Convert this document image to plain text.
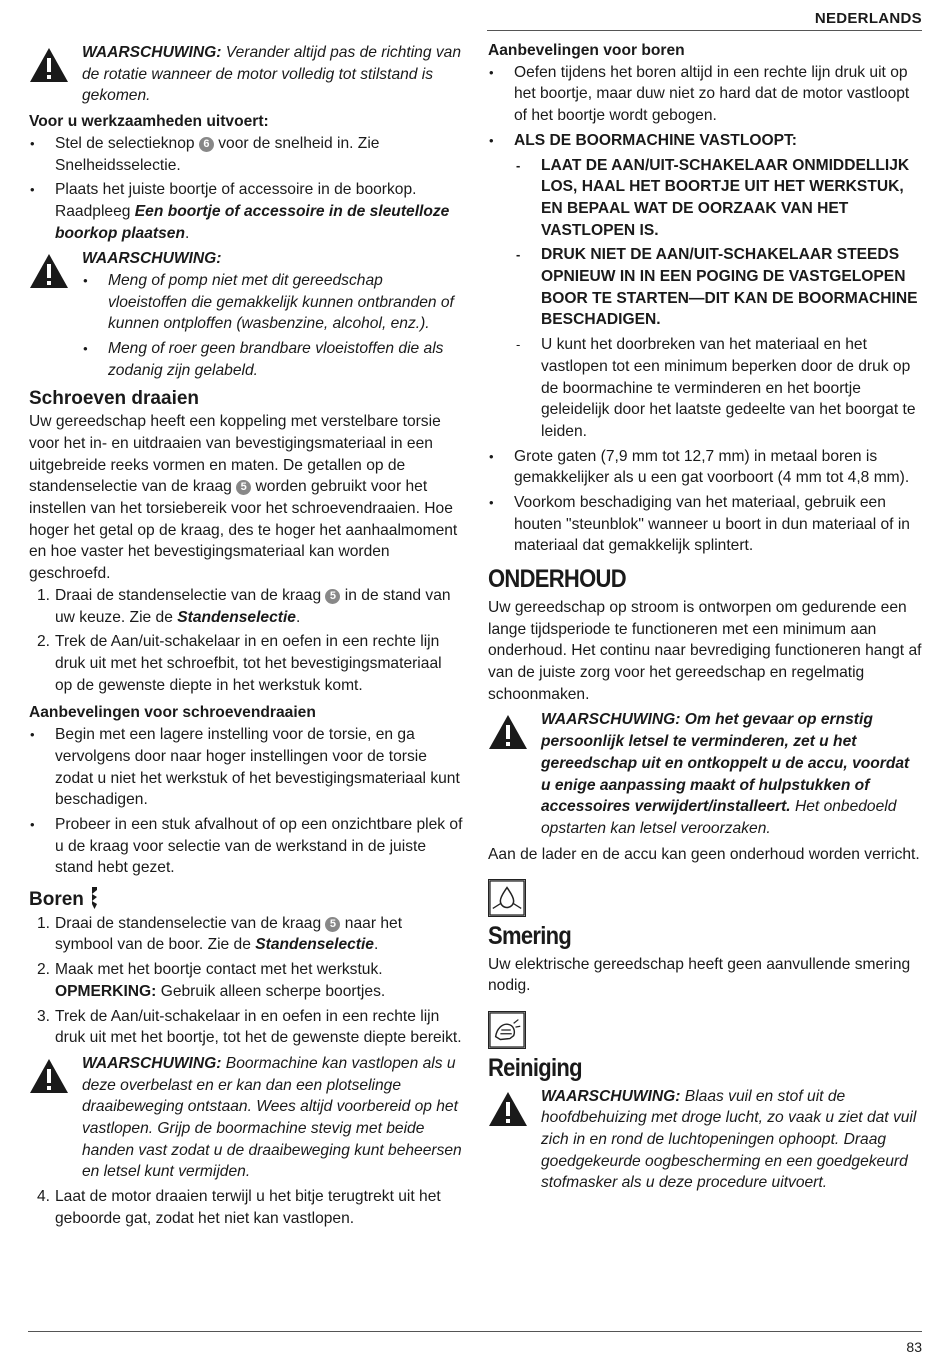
NEDERLANDS

WAARSCHUWING: Verander altijd pas de richting van de rotatie wanneer de motor volledig tot stilstand is gekomen.

Voor u werkzaamheden uitvoert:

• Stel de selectieknop 6 voor de snelheid in. Zie Snelheidsselectie.
• Plaats het juiste boortje of accessoire in de boorkop. Raadpleeg Een boortje of accessoire in de sleutelloze boorkop plaatsen.

WAARSCHUWING:

• Meng of pomp niet met dit gereedschap vloeistoffen die gemakkelijk kunnen ontbranden of kunnen ontploffen (wasbenzine, alcohol, enz.).
• Meng of roer geen brandbare vloeistoffen die als zodanig zijn gelabeld.

Schroeven draaien

Uw gereedschap heeft een koppeling met verstelbare torsie voor het in- en uitdraaien van bevestigingsmateriaal in een uitgebreide reeks vormen en maten. De getallen op de standenselectie van de kraag 5 worden gebruikt voor het instellen van het torsiebereik voor het schroevendraaien. Hoe hoger het getal op de kraag, des te hoger het aanhaalmoment en hoe vaster het bevestigingsmateriaal kan worden geschroefd.

1. Draai de standenselectie van de kraag 5 in de stand van uw keuze. Zie de Standenselectie.
2. Trek de Aan/uit-schakelaar in en oefen in een rechte lijn druk uit met het schroefbit, tot het bevestigingsmateriaal op de gewenste diepte in het werkstuk komt.

Aanbevelingen voor schroevendraaien

• Begin met een lagere instelling voor de torsie, en ga vervolgens door naar hoger instellingen voor de torsie zodat u niet het werkstuk of het bevestigingsmateriaal kunt beschadigen.
• Probeer in een stuk afvalhout of op een onzichtbare plek of u de kraag voor selectie van de werkstand in de juiste stand hebt gezet.

Boren

1. Draai de standenselectie van de kraag 5 naar het symbool van de boor. Zie de Standenselectie.
2. Maak met het boortje contact met het werkstuk.
OPMERKING: Gebruik alleen scherpe boortjes.
3. Trek de Aan/uit-schakelaar in en oefen in een rechte lijn druk uit met het boortje, tot het de gewenste diepte bereikt.

WAARSCHUWING: Boormachine kan vastlopen als u deze overbelast en er kan dan een plotselinge draaibeweging ontstaan. Wees altijd voorbereid op het vastlopen. Grijp de boormachine stevig met beide handen vast zodat u de draaibeweging kunt beheersen en letsel kunt vermijden.

4. Laat de motor draaien terwijl u het bitje terugtrekt uit het geboorde gat, zodat het niet kan vastlopen.

Aanbevelingen voor boren

• Oefen tijdens het boren altijd in een rechte lijn druk uit op het boortje, maar duw niet zo hard dat de motor vastloopt of het boortje wordt gebogen.
• ALS DE BOORMACHINE VASTLOOPT:
- LAAT DE AAN/UIT-SCHAKELAAR ONMIDDELLIJK LOS, HAAL HET BOORTJE UIT HET WERKSTUK, EN BEPAAL WAT DE OORZAAK VAN HET VASTLOPEN IS.
- DRUK NIET DE AAN/UIT-SCHAKELAAR STEEDS OPNIEUW IN IN EEN POGING DE VASTGELOPEN BOOR TE STARTEN—DIT KAN DE BOORMACHINE BESCHADIGEN.
- U kunt het doorbreken van het materiaal en het vastlopen tot een minimum beperken door de druk op de boormachine te verminderen en het boortje geleidelijk door het laatste gedeelte van het boorgat te leiden.
• Grote gaten (7,9 mm tot 12,7 mm) in metaal boren is gemakkelijker als u een gat voorboort (4 mm tot 4,8 mm).
• Voorkom beschadiging van het materiaal, gebruik een houten "steunblok" wanneer u boort in dun materiaal of in materiaal dat gemakkelijk splintert.

ONDERHOUD

Uw gereedschap op stroom is ontworpen om gedurende een lange tijdsperiode te functioneren met een minimum aan onderhoud. Het continu naar bevrediging functioneren hangt af van de juiste zorg voor het gereedschap en regelmatig schoonmaken.

WAARSCHUWING: Om het gevaar op ernstig persoonlijk letsel te verminderen, zet u het gereedschap uit en ontkoppelt u de accu, voordat u enige aanpassing maakt of hulpstukken of accessoires verwijdert/installeert. Het onbedoeld opstarten kan letsel veroorzaken.

Aan de lader en de accu kan geen onderhoud worden verricht.

Smering

Uw elektrische gereedschap heeft geen aanvullende smering nodig.

Reiniging

WAARSCHUWING: Blaas vuil en stof uit de hoofdbehuizing met droge lucht, zo vaak u ziet dat vuil zich in en rond de luchtopeningen ophoopt. Draag goedgekeurde oogbescherming en een goedgekeurd stofmasker als u deze procedure uitvoert.

83
